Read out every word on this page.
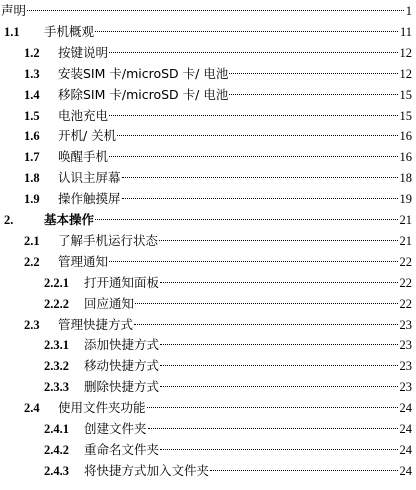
声明	1
1.1	手机概观	11
1.2	按键说明	12
1.3	安装SIM 卡/microSD 卡/ 电池	12
1.4	移除SIM 卡/microSD 卡/ 电池	15
1.5	电池充电	15
1.6	开机/ 关机	16
1.7	唤醒手机	16
1.8	认识主屏幕	18
1.9	操作触摸屏	19
2.	基本操作	21
2.1	了解手机运行状态	21
2.2	管理通知	22
2.2.1	打开通知面板	22
2.2.2	回应通知	22
2.3	管理快捷方式	23
2.3.1	添加快捷方式	23
2.3.2	移动快捷方式	23
2.3.3	删除快捷方式	23
2.4	使用文件夹功能	24
2.4.1	创建文件夹	24
2.4.2	重命名文件夹	24
2.4.3	将快捷方式加入文件夹	24
